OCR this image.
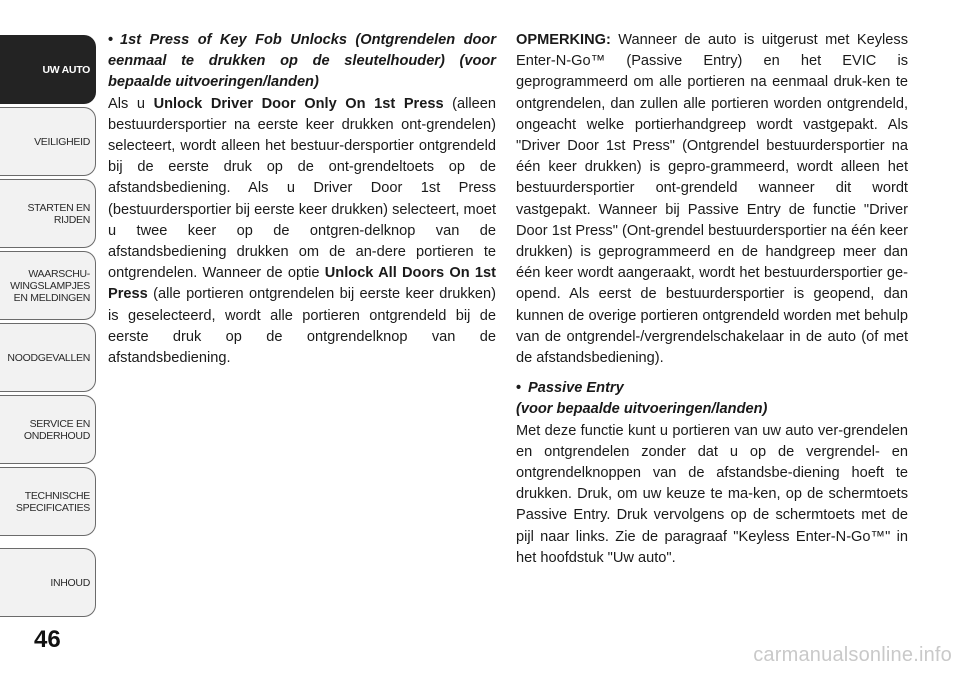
UW AUTO
VEILIGHEID
STARTEN EN
RIJDEN
WAARSCHU-
WINGSLAMPJES
EN MELDINGEN
NOODGEVALLEN
SERVICE EN
ONDERHOUD
TECHNISCHE
SPECIFICATIES
INHOUD
46

• 1st Press of Key Fob Unlocks (Ontgrendelen door eenmaal te drukken op de sleutelhouder) (voor bepaalde uitvoeringen/landen)

Als u Unlock Driver Door Only On 1st Press (alleen bestuurdersportier na eerste keer drukken ont-grendelen) selecteert, wordt alleen het bestuur-dersportier ontgrendeld bij de eerste druk op de ont-grendeltoets op de afstandsbediening. Als u Driver Door 1st Press (bestuurdersportier bij eerste keer drukken) selecteert, moet u twee keer op de ontgren-delknop van de afstandsbediening drukken om de an-dere portieren te ontgrendelen. Wanneer de optie Unlock All Doors On 1st Press (alle portieren ontgrendelen bij eerste keer drukken) is geselecteerd, wordt alle portieren ontgrendeld bij de eerste druk op de ontgrendelknop van de afstandsbediening.

OPMERKING: Wanneer de auto is uitgerust met Keyless Enter-N-Go™ (Passive Entry) en het EVIC is geprogrammeerd om alle portieren na eenmaal druk-ken te ontgrendelen, dan zullen alle portieren worden ontgrendeld, ongeacht welke portierhandgreep wordt vastgepakt. Als "Driver Door 1st Press" (Ontgrendel bestuurdersportier na één keer drukken) is gepro-grammeerd, wordt alleen het bestuurdersportier ont-grendeld wanneer dit wordt vastgepakt. Wanneer bij Passive Entry de functie "Driver Door 1st Press" (Ont-grendel bestuurdersportier na één keer drukken) is geprogrammeerd en de handgreep meer dan één keer wordt aangeraakt, wordt het bestuurdersportier ge-opend. Als eerst de bestuurdersportier is geopend, dan kunnen de overige portieren ontgrendeld worden met behulp van de ontgrendel-/vergrendelschakelaar in de auto (of met de afstandsbediening).

• Passive Entry

(voor bepaalde uitvoeringen/landen)

Met deze functie kunt u portieren van uw auto ver-grendelen en ontgrendelen zonder dat u op de vergrendel- en ontgrendelknoppen van de afstandsbe-diening hoeft te drukken. Druk, om uw keuze te ma-ken, op de schermtoets Passive Entry. Druk vervolgens op de schermtoets met de pijl naar links. Zie de paragraaf "Keyless Enter-N-Go™" in het hoofdstuk "Uw auto".

carmanualsonline.info
